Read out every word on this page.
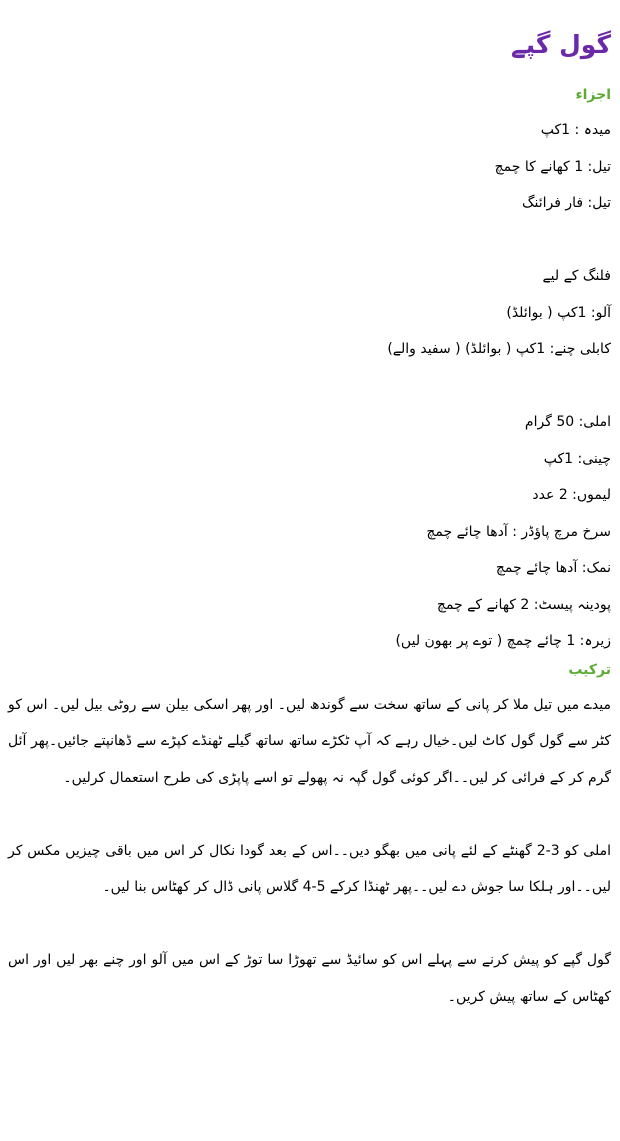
گول گپے
اجزاء
میدہ : 1کپ
تیل: 1 کھانے کا چمچ
تیل: فار فرائنگ
فلنگ کے لیے
آلو: 1کپ ( بوائلڈ)
کابلی چنے: 1کپ ( بوائلڈ) ( سفید والے)
املی: 50 گرام
چینی: 1کپ
لیموں: 2 عدد
سرخ مرچ پاؤڈر : آدھا چائے چمچ
نمک: آدھا چائے چمچ
پودینہ پیسٹ: 2 کھانے کے چمچ
زیرہ: 1 چائے چمچ ( توے پر بھون لیں)
ترکیب

میدے میں تیل ملا کر پانی کے ساتھ سخت سے گوندھ لیں۔ اور پھر اسکی بیلن سے روٹی بیل لیں۔ اس کو کٹر سے گول گول کاٹ لیں۔خیال رہے کہ آپ ٹکڑے ساتھ ساتھ گیلے ٹھنڈے کپڑے سے ڈھانپتے جائیں۔پھر آئل گرم کر کے فرائی کر لیں۔۔اگر کوئی گول گپہ نہ پھولے تو اسے پاپڑی کی طرح استعمال کرلیں۔

املی کو 3-2 گھنٹے کے لئے پانی میں بھگو دیں۔۔اس کے بعد گودا نکال کر اس میں باقی چیزیں مکس کر لیں۔۔اور ہلکا سا جوش دے لیں۔۔پھر ٹھنڈا کرکے 5-4 گلاس پانی ڈال کر کھٹاس بنا لیں۔

گول گپے کو پیش کرنے سے پہلے اس کو سائیڈ سے تھوڑا سا توڑ کے اس میں آلو اور چنے بھر لیں اور اس کھٹاس کے ساتھ پیش کریں۔
